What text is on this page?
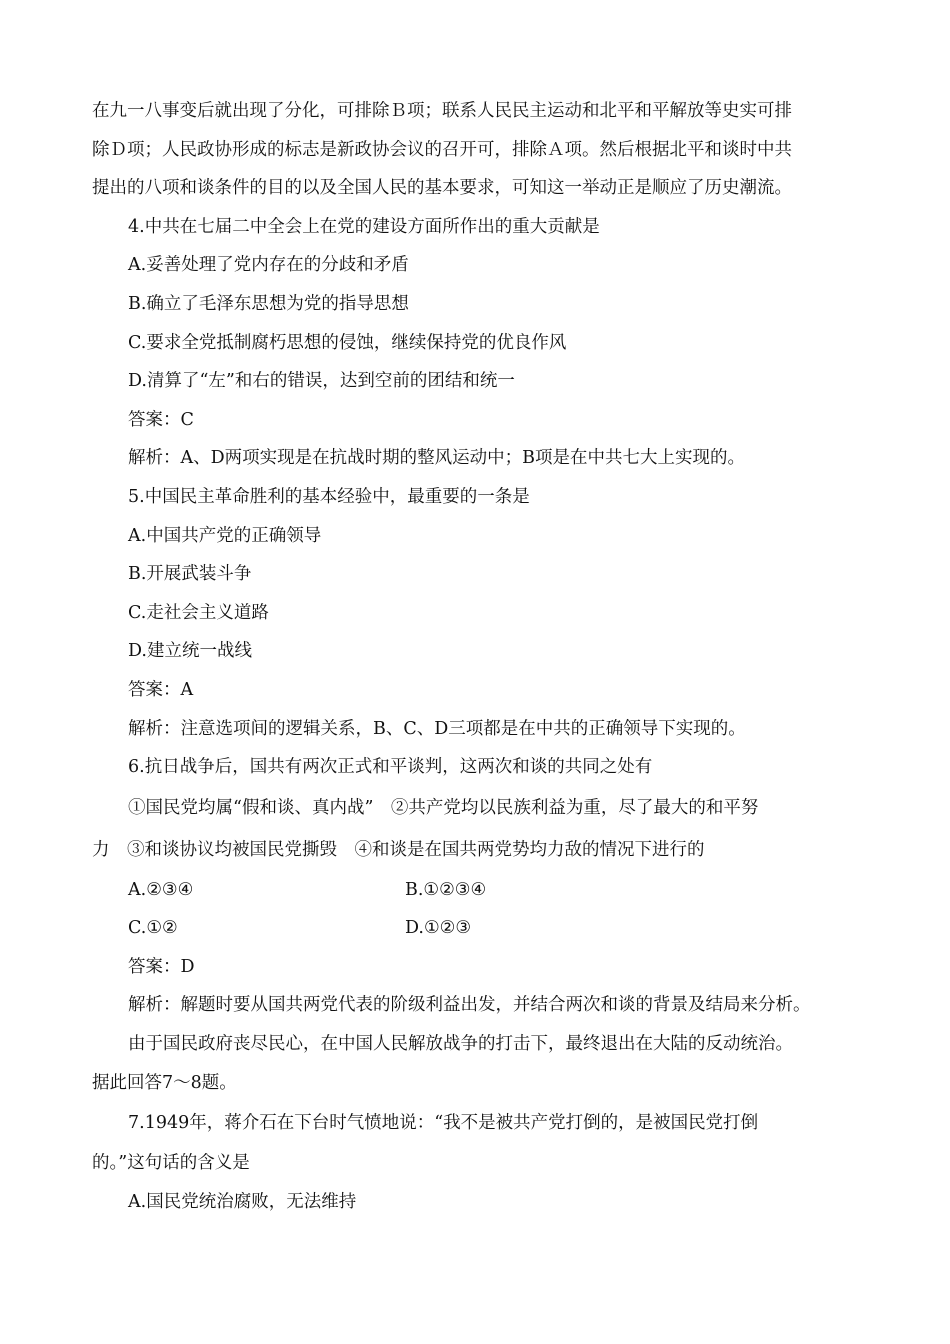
在九一八事变后就出现了分化，可排除Ｂ项；联系人民民主运动和北平和平解放等史实可排
除Ｄ项；人民政协形成的标志是新政协会议的召开可，排除Ａ项。然后根据北平和谈时中共
提出的八项和谈条件的目的以及全国人民的基本要求，可知这一举动正是顺应了历史潮流。
4.中共在七届二中全会上在党的建设方面所作出的重大贡献是
A.妥善处理了党内存在的分歧和矛盾
B.确立了毛泽东思想为党的指导思想
C.要求全党抵制腐朽思想的侵蚀，继续保持党的优良作风
D.清算了“左”和右的错误，达到空前的团结和统一
答案：C
解析：A、D两项实现是在抗战时期的整风运动中；B项是在中共七大上实现的。
5.中国民主革命胜利的基本经验中，最重要的一条是
A.中国共产党的正确领导
B.开展武装斗争
C.走社会主义道路
D.建立统一战线
答案：A
解析：注意选项间的逻辑关系，B、C、D三项都是在中共的正确领导下实现的。
6.抗日战争后，国共有两次正式和平谈判，这两次和谈的共同之处有
①国民党均属“假和谈、真内战”　②共产党均以民族利益为重，尽了最大的和平努
力　③和谈协议均被国民党撕毁　④和谈是在国共两党势均力敌的情况下进行的
A.②③④	B.①②③④
C.①②	D.①②③
答案：D
解析：解题时要从国共两党代表的阶级利益出发，并结合两次和谈的背景及结局来分析。
由于国民政府丧尽民心，在中国人民解放战争的打击下，最终退出在大陆的反动统治。
据此回答7～8题。
7.1949年，蒋介石在下台时气愤地说：“我不是被共产党打倒的，是被国民党打倒
的。”这句话的含义是
A.国民党统治腐败，无法维持
